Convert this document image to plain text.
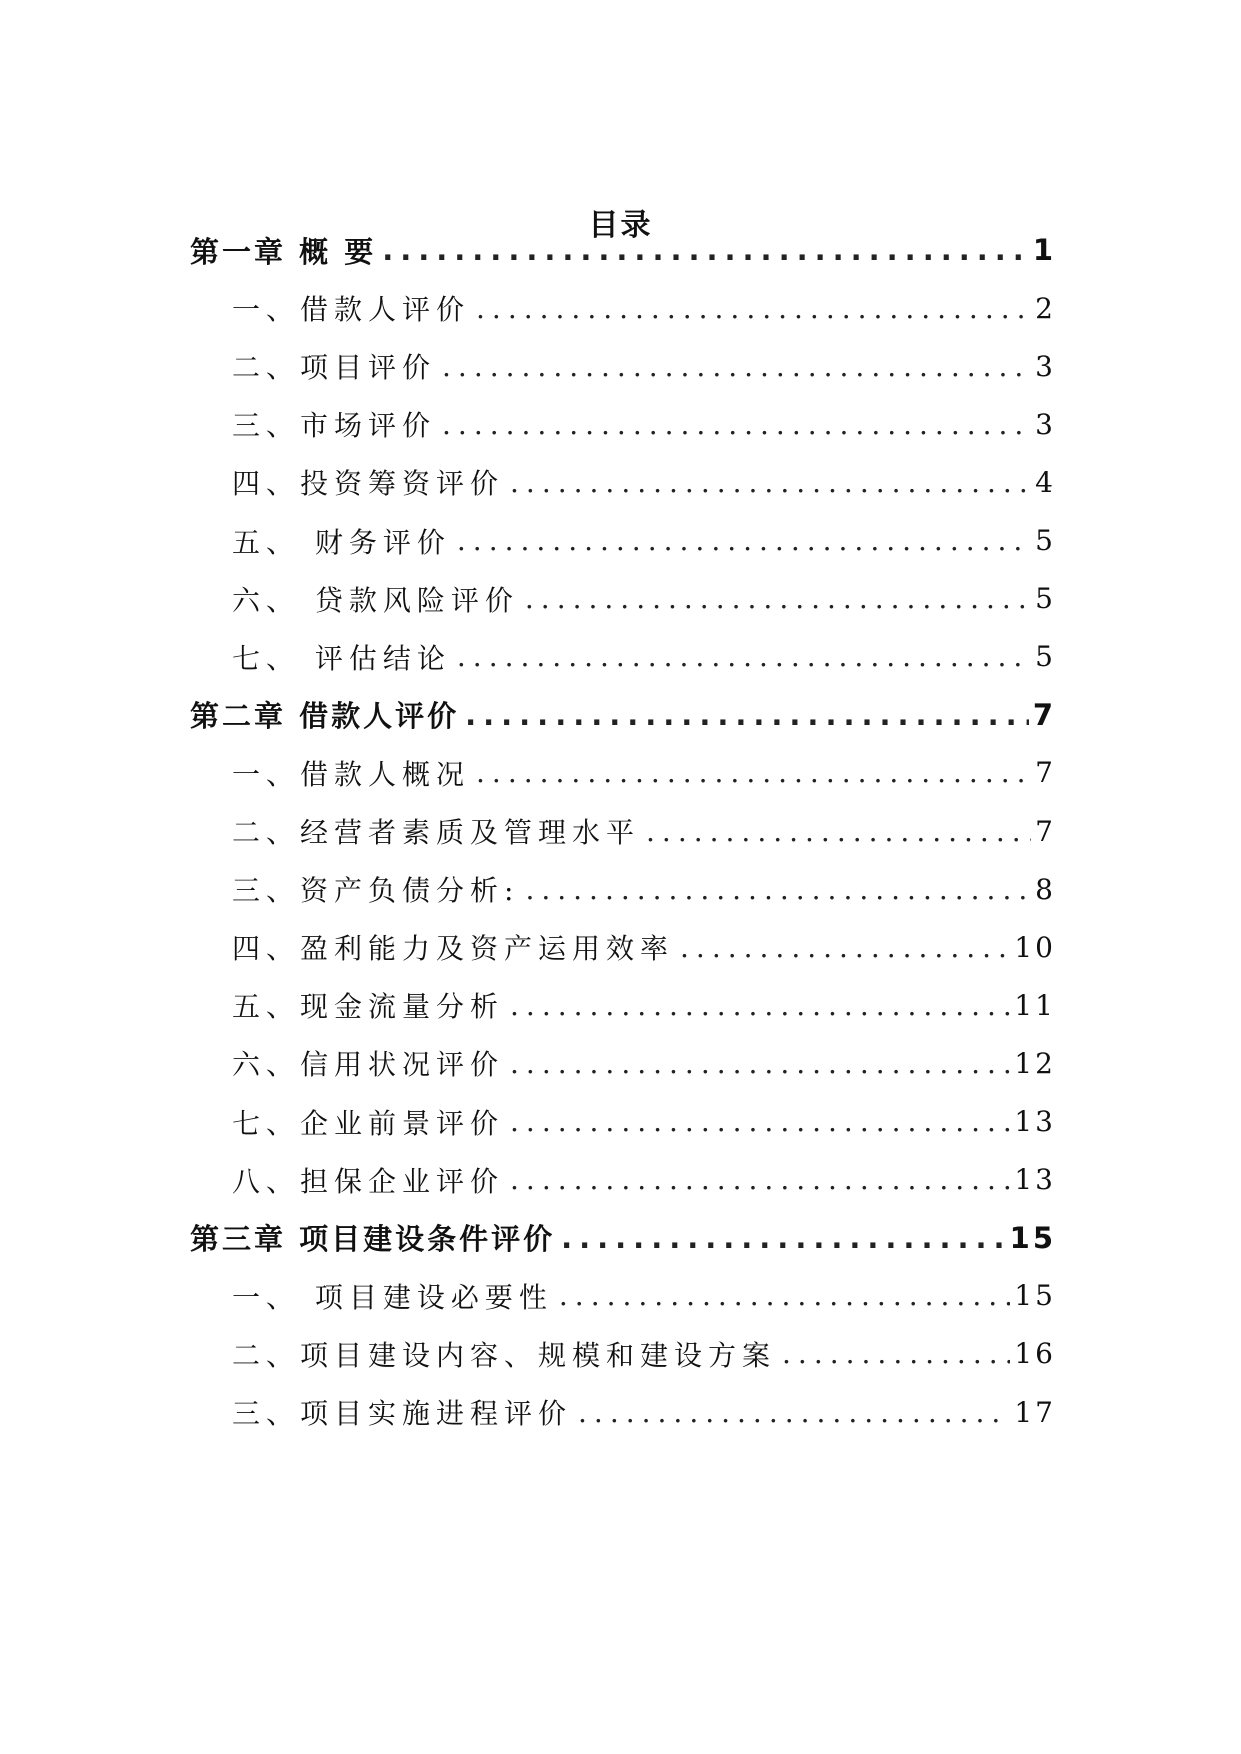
目录
第一章 概 要 .....	1
一、借款人评价 .....	2
二、项目评价 .....	3
三、市场评价 .....	3
四、投资筹资评价 .....	4
五、 财务评价 .....	5
六、 贷款风险评价 .....	5
七、 评估结论 .....	5
第二章 借款人评价 .....	7
一、借款人概况 .....	7
二、经营者素质及管理水平 .....	7
三、资产负债分析: .....	8
四、盈利能力及资产运用效率 .....	10
五、现金流量分析 .....	11
六、信用状况评价 .....	12
七、企业前景评价 .....	13
八、担保企业评价 .....	13
第三章 项目建设条件评价 .....	15
一、 项目建设必要性 .....	15
二、项目建设内容、规模和建设方案 .....	16
三、项目实施进程评价 .....	17
